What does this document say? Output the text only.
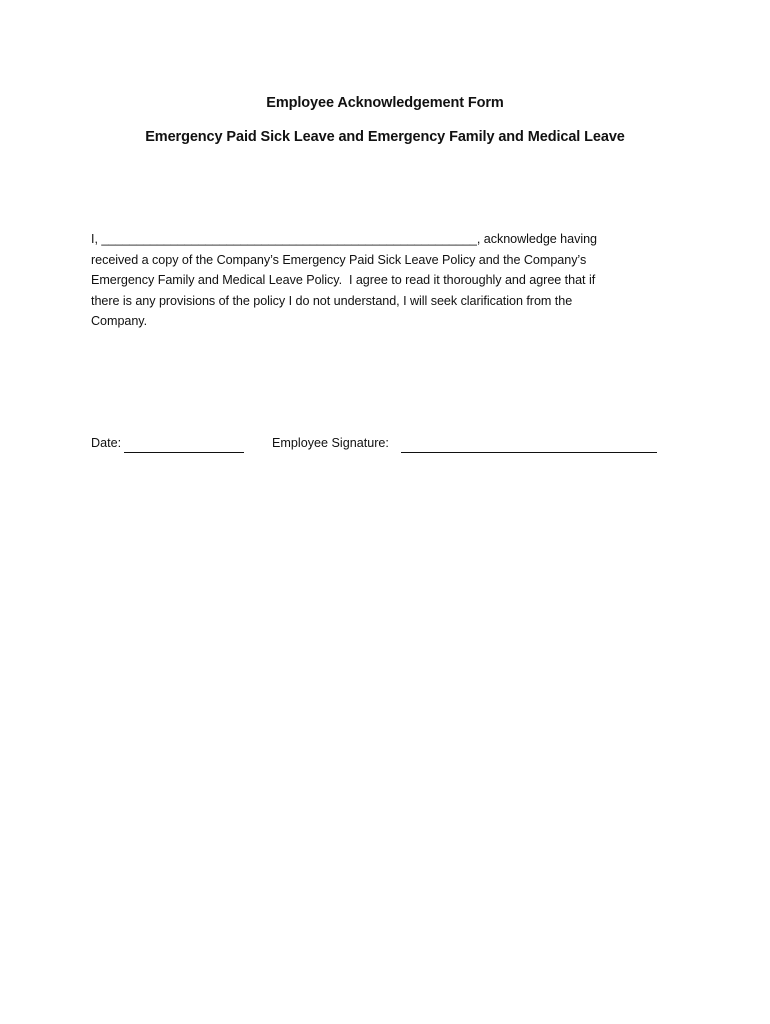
Employee Acknowledgement Form
Emergency Paid Sick Leave and Emergency Family and Medical Leave
I, ______________________________________________________, acknowledge having
received a copy of the Company’s Emergency Paid Sick Leave Policy and the Company’s
Emergency Family and Medical Leave Policy.  I agree to read it thoroughly and agree that if
there is any provisions of the policy I do not understand, I will seek clarification from the
Company.
Date:	Employee Signature:
